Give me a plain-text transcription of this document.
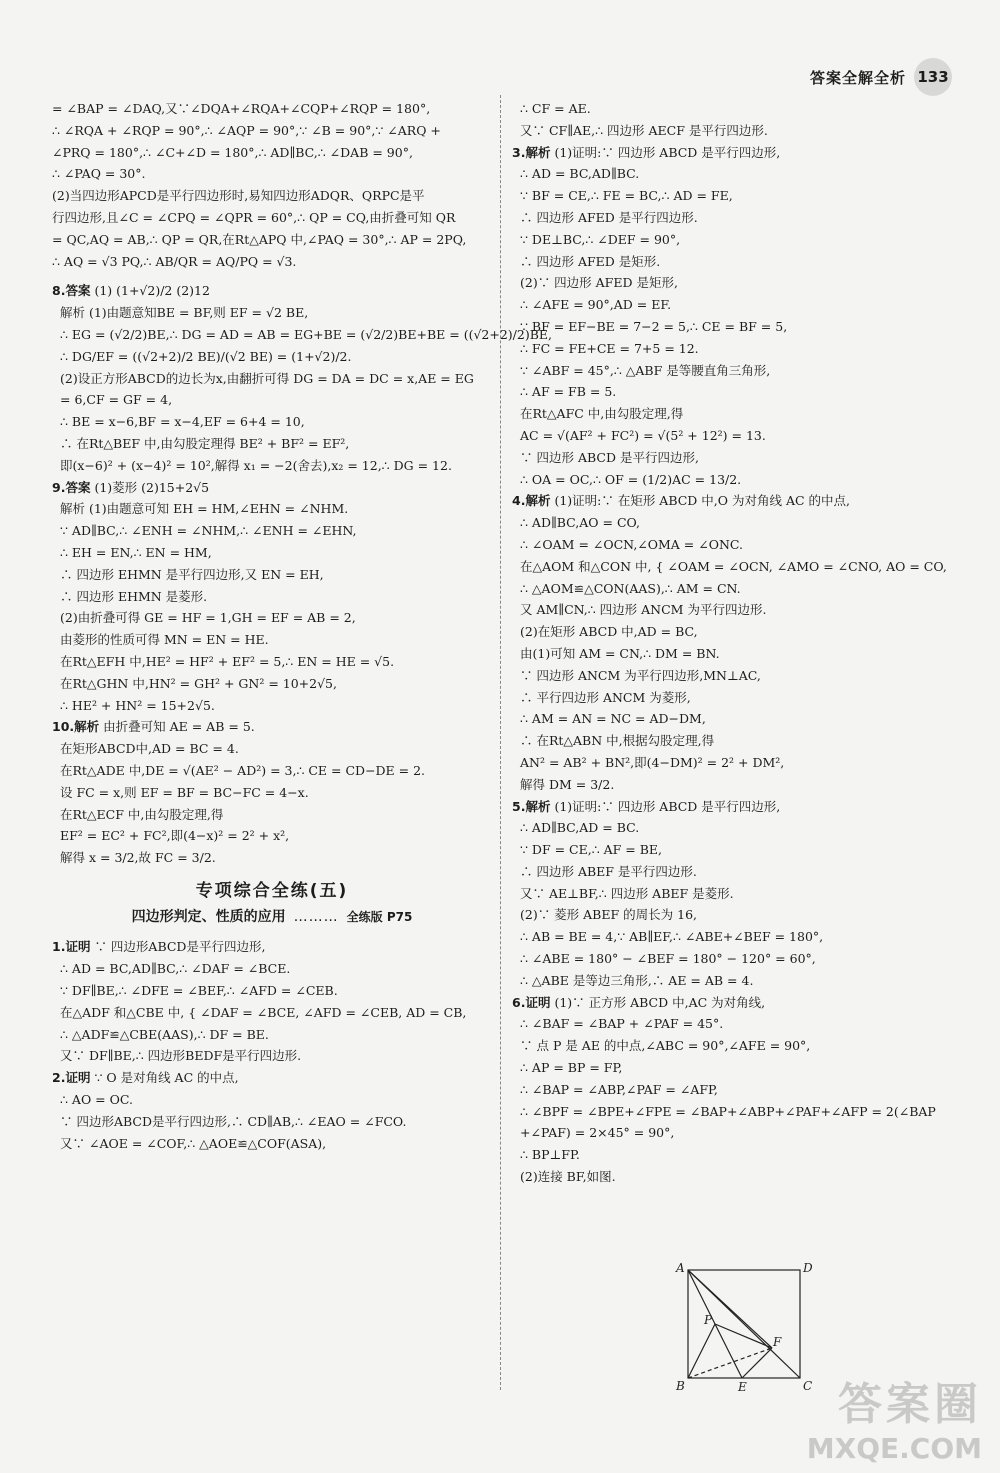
答案全解全析 133
= ∠BAP = ∠DAQ,又∵∠DQA+∠RQA+∠CQP+∠RQP = 180°,
∴ ∠RQA + ∠RQP = 90°,∴ ∠AQP = 90°,∵ ∠B = 90°,∵ ∠ARQ +
∠PRQ = 180°,∴ ∠C+∠D = 180°,∴ AD∥BC,∴ ∠DAB = 90°,
∴ ∠PAQ = 30°.
(2)当四边形APCD是平行四边形时,易知四边形ADQR、QRPC是平
行四边形,且∠C = ∠CPQ = ∠QPR = 60°,∴ QP = CQ,由折叠可知 QR
= QC,AQ = AB,∴ QP = QR,在Rt△APQ 中,∠PAQ = 30°,∴ AP = 2PQ,
∴ AQ = √3 PQ,∴ AB/QR = AQ/PQ = √3.
8.答案 (1) (1+√2)/2 (2)12
解析 (1)由题意知BE = BF,则 EF = √2 BE,
∴ EG = (√2/2)BE,∴ DG = AD = AB = EG+BE = (√2/2)BE+BE = ((√2+2)/2)BE,
∴ DG/EF = ((√2+2)/2 BE)/(√2 BE) = (1+√2)/2.
(2)设正方形ABCD的边长为x,由翻折可得 DG = DA = DC = x,AE = EG
= 6,CF = GF = 4,
∴ BE = x−6,BF = x−4,EF = 6+4 = 10,
∴ 在Rt△BEF 中,由勾股定理得 BE² + BF² = EF²,
即(x−6)² + (x−4)² = 10²,解得 x₁ = −2(舍去),x₂ = 12,∴ DG = 12.
9.答案 (1)菱形 (2)15+2√5
解析 (1)由题意可知 EH = HM,∠EHN = ∠NHM.
∵ AD∥BC,∴ ∠ENH = ∠NHM,∴ ∠ENH = ∠EHN,
∴ EH = EN,∴ EN = HM,
∴ 四边形 EHMN 是平行四边形,又 EN = EH,
∴ 四边形 EHMN 是菱形.
(2)由折叠可得 GE = HF = 1,GH = EF = AB = 2,
由菱形的性质可得 MN = EN = HE.
在Rt△EFH 中,HE² = HF² + EF² = 5,∴ EN = HE = √5.
在Rt△GHN 中,HN² = GH² + GN² = 10+2√5,
∴ HE² + HN² = 15+2√5.
10.解析 由折叠可知 AE = AB = 5.
在矩形ABCD中,AD = BC = 4.
在Rt△ADE 中,DE = √(AE² − AD²) = 3,∴ CE = CD−DE = 2.
设 FC = x,则 EF = BF = BC−FC = 4−x.
在Rt△ECF 中,由勾股定理,得
EF² = EC² + FC²,即(4−x)² = 2² + x²,
解得 x = 3/2,故 FC = 3/2.
专项综合全练(五)
四边形判定、性质的应用 ……… 全练版 P75
1.证明 ∵ 四边形ABCD是平行四边形,
∴ AD = BC,AD∥BC,∴ ∠DAF = ∠BCE.
∵ DF∥BE,∴ ∠DFE = ∠BEF,∴ ∠AFD = ∠CEB.
在△ADF 和△CBE 中, { ∠DAF = ∠BCE, ∠AFD = ∠CEB, AD = CB,
∴ △ADF≌△CBE(AAS),∴ DF = BE.
又∵ DF∥BE,∴ 四边形BEDF是平行四边形.
2.证明 ∵ O 是对角线 AC 的中点,
∴ AO = OC.
∵ 四边形ABCD是平行四边形,∴ CD∥AB,∴ ∠EAO = ∠FCO.
又∵ ∠AOE = ∠COF,∴ △AOE≌△COF(ASA),
∴ CF = AE.
又∵ CF∥AE,∴ 四边形 AECF 是平行四边形.
3.解析 (1)证明:∵ 四边形 ABCD 是平行四边形,
∴ AD = BC,AD∥BC.
∵ BF = CE,∴ FE = BC,∴ AD = FE,
∴ 四边形 AFED 是平行四边形.
∵ DE⊥BC,∴ ∠DEF = 90°,
∴ 四边形 AFED 是矩形.
(2)∵ 四边形 AFED 是矩形,
∴ ∠AFE = 90°,AD = EF.
∵ BF = EF−BE = 7−2 = 5,∴ CE = BF = 5,
∴ FC = FE+CE = 7+5 = 12.
∵ ∠ABF = 45°,∴ △ABF 是等腰直角三角形,
∴ AF = FB = 5.
在Rt△AFC 中,由勾股定理,得
AC = √(AF² + FC²) = √(5² + 12²) = 13.
∵ 四边形 ABCD 是平行四边形,
∴ OA = OC,∴ OF = (1/2)AC = 13/2.
4.解析 (1)证明:∵ 在矩形 ABCD 中,O 为对角线 AC 的中点,
∴ AD∥BC,AO = CO,
∴ ∠OAM = ∠OCN,∠OMA = ∠ONC.
在△AOM 和△CON 中, { ∠OAM = ∠OCN, ∠AMO = ∠CNO, AO = CO,
∴ △AOM≌△CON(AAS),∴ AM = CN.
又 AM∥CN,∴ 四边形 ANCM 为平行四边形.
(2)在矩形 ABCD 中,AD = BC,
由(1)可知 AM = CN,∴ DM = BN.
∵ 四边形 ANCM 为平行四边形,MN⊥AC,
∴ 平行四边形 ANCM 为菱形,
∴ AM = AN = NC = AD−DM,
∴ 在Rt△ABN 中,根据勾股定理,得
AN² = AB² + BN²,即(4−DM)² = 2² + DM²,
解得 DM = 3/2.
5.解析 (1)证明:∵ 四边形 ABCD 是平行四边形,
∴ AD∥BC,AD = BC.
∵ DF = CE,∴ AF = BE,
∴ 四边形 ABEF 是平行四边形.
又∵ AE⊥BF,∴ 四边形 ABEF 是菱形.
(2)∵ 菱形 ABEF 的周长为 16,
∴ AB = BE = 4,∵ AB∥EF,∴ ∠ABE+∠BEF = 180°,
∴ ∠ABE = 180° − ∠BEF = 180° − 120° = 60°,
∴ △ABE 是等边三角形,∴ AE = AB = 4.
6.证明 (1)∵ 正方形 ABCD 中,AC 为对角线,
∴ ∠BAF = ∠BAP + ∠PAF = 45°.
∵ 点 P 是 AE 的中点,∠ABC = 90°,∠AFE = 90°,
∴ AP = BP = FP,
∴ ∠BAP = ∠ABP,∠PAF = ∠AFP,
∴ ∠BPF = ∠BPE+∠FPE = ∠BAP+∠ABP+∠PAF+∠AFP = 2(∠BAP
+∠PAF) = 2×45° = 90°,
∴ BP⊥FP.
(2)连接 BF,如图.
A	D
B	C
E
F
P
答案圈
MXQE.COM
